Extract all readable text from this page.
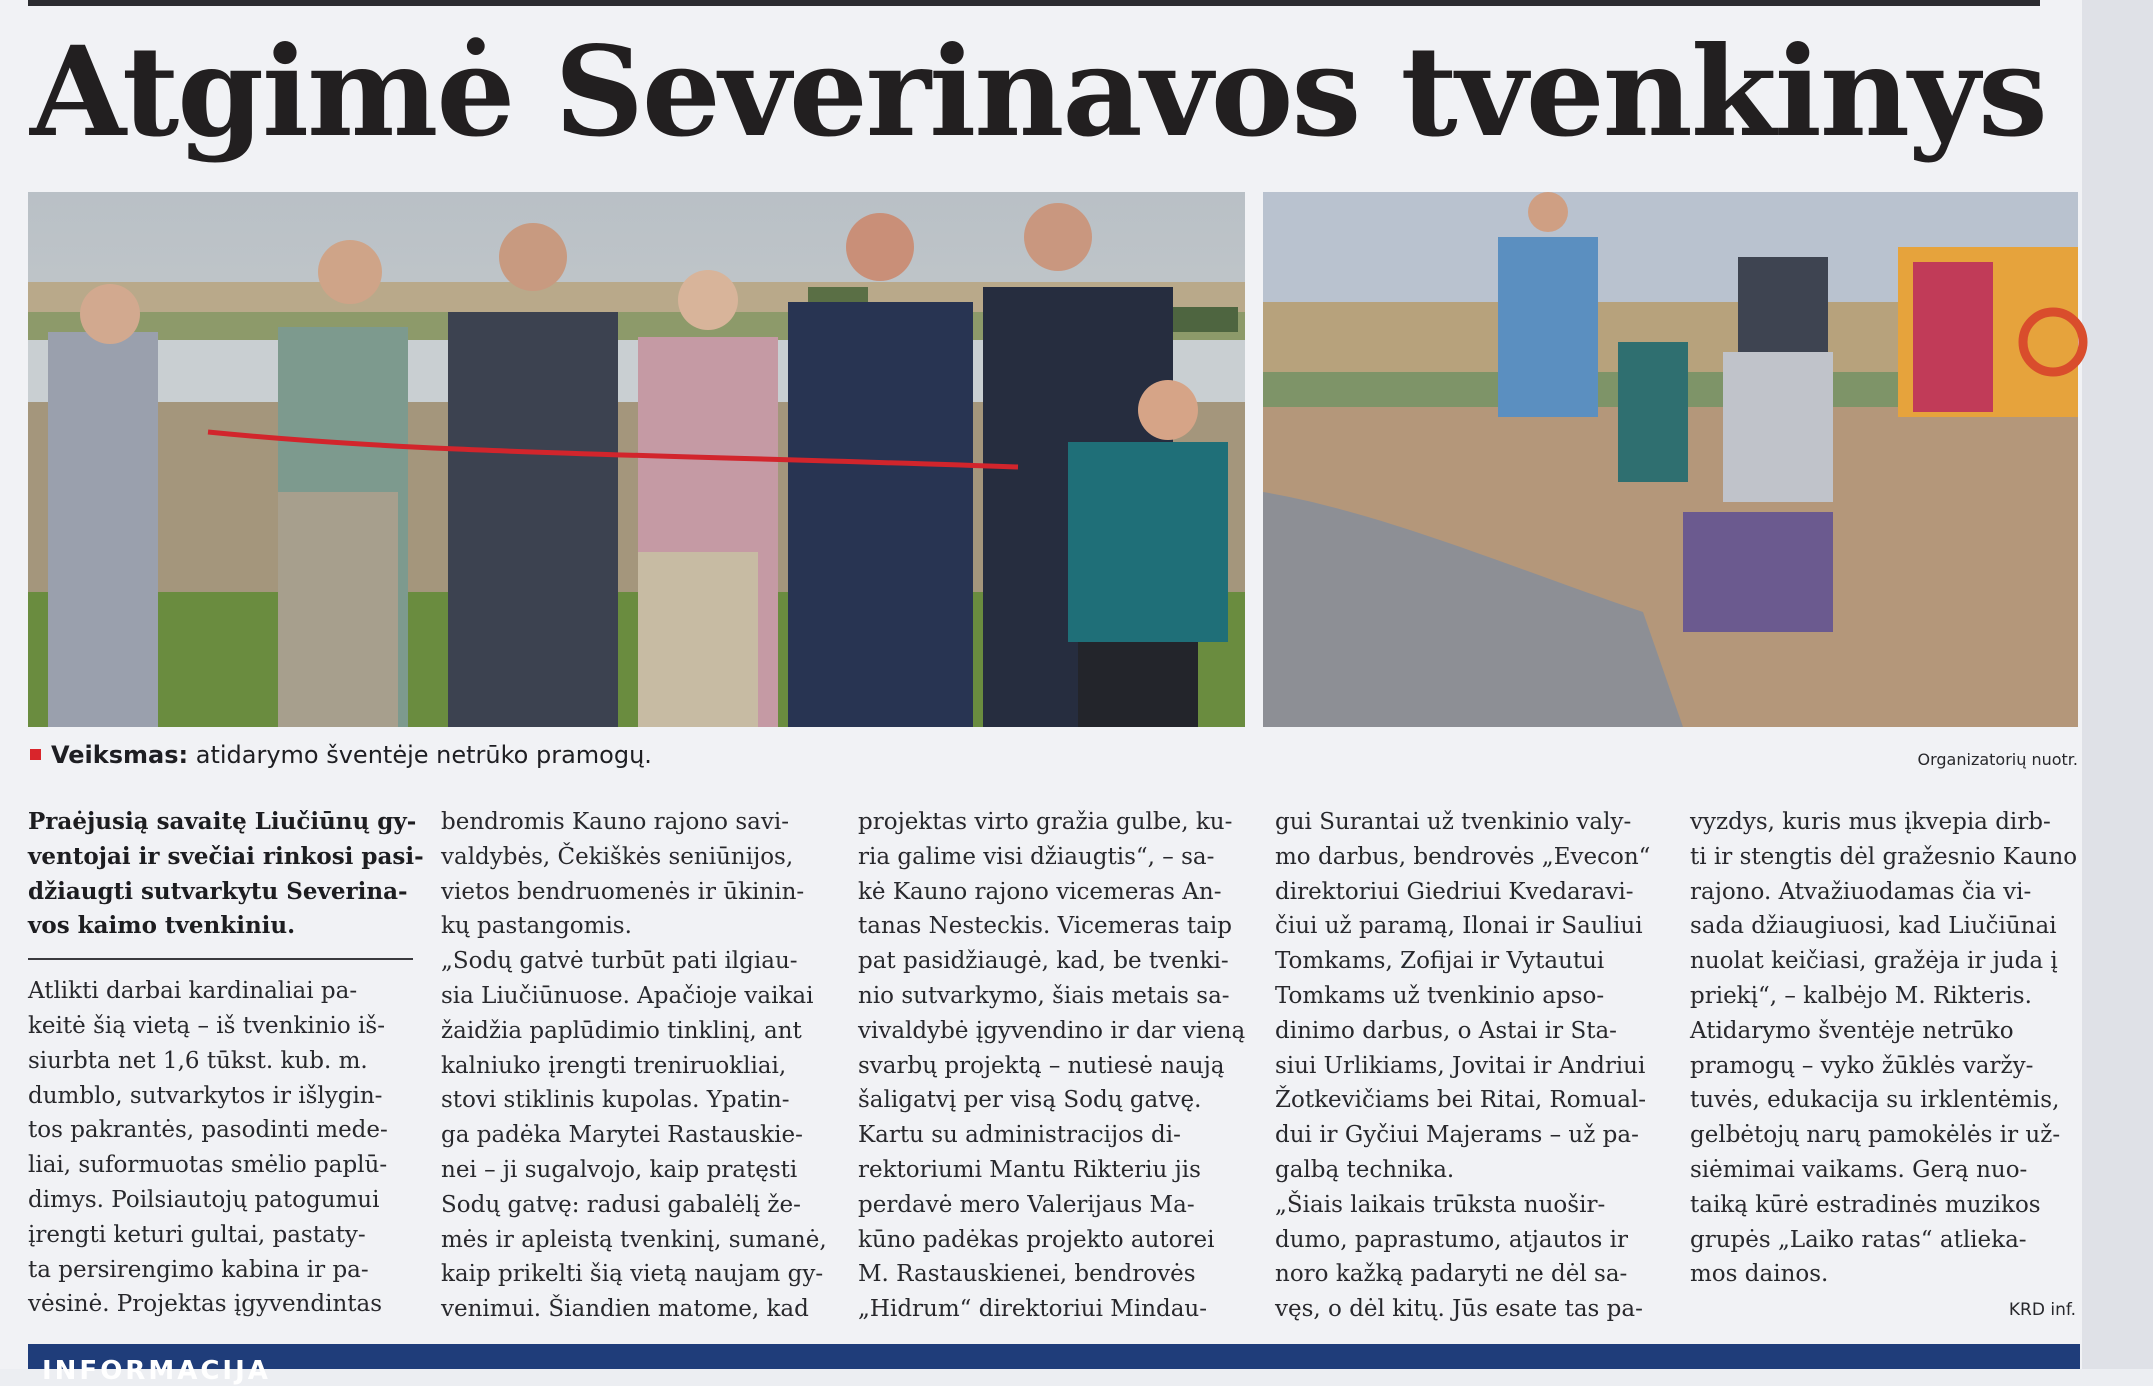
Atgimė Severinavos tvenkinys
Veiksmas: atidarymo šventėje netrūko pramogų.	Organizatorių nuotr.

Praėjusią savaitę Liučiūnų gy-

ventojai ir svečiai rinkosi pasi-

džiaugti sutvarkytu Severina-

vos kaimo tvenkiniu.

Atlikti darbai kardinaliai pa-

keitė šią vietą – iš tvenkinio iš-

siurbta net 1,6 tūkst. kub. m.

dumblo, sutvarkytos ir išlygin-

tos pakrantės, pasodinti mede-

liai, suformuotas smėlio paplū-

dimys. Poilsiautojų patogumui

įrengti keturi gultai, pastaty-

ta persirengimo kabina ir pa-

vėsinė. Projektas įgyvendintas

bendromis Kauno rajono savi-

valdybės, Čekiškės seniūnijos,

vietos bendruomenės ir ūkinin-

kų pastangomis.

„Sodų gatvė turbūt pati ilgiau-

sia Liučiūnuose. Apačioje vaikai

žaidžia paplūdimio tinklinį, ant

kalniuko įrengti treniruokliai,

stovi stiklinis kupolas. Ypatin-

ga padėka Marytei Rastauskie-

nei – ji sugalvojo, kaip pratęsti

Sodų gatvę: radusi gabalėlį že-

mės ir apleistą tvenkinį, sumanė,

kaip prikelti šią vietą naujam gy-

venimui. Šiandien matome, kad

projektas virto gražia gulbe, ku-

ria galime visi džiaugtis“, – sa-

kė Kauno rajono vicemeras An-

tanas Nesteckis. Vicemeras taip

pat pasidžiaugė, kad, be tvenki-

nio sutvarkymo, šiais metais sa-

vivaldybė įgyvendino ir dar vieną

svarbų projektą – nutiesė naują

šaligatvį per visą Sodų gatvę.

Kartu su administracijos di-

rektoriumi Mantu Rikteriu jis

perdavė mero Valerijaus Ma-

kūno padėkas projekto autorei

M. Rastauskienei, bendrovės

„Hidrum“ direktoriui Mindau-

gui Surantai už tvenkinio valy-

mo darbus, bendrovės „Evecon“

direktoriui Giedriui Kvedaravi-

čiui už paramą, Ilonai ir Sauliui

Tomkams, Zofijai ir Vytautui

Tomkams už tvenkinio apso-

dinimo darbus, o Astai ir Sta-

siui Urlikiams, Jovitai ir Andriui

Žotkevičiams bei Ritai, Romual-

dui ir Gyčiui Majerams – už pa-

galbą technika.

„Šiais laikais trūksta nuošir-

dumo, paprastumo, atjautos ir

noro kažką padaryti ne dėl sa-

vęs, o dėl kitų. Jūs esate tas pa-

vyzdys, kuris mus įkvepia dirb-

ti ir stengtis dėl gražesnio Kauno

rajono. Atvažiuodamas čia vi-

sada džiaugiuosi, kad Liučiūnai

nuolat keičiasi, gražėja ir juda į

priekį“, – kalbėjo M. Rikteris.

Atidarymo šventėje netrūko

pramogų – vyko žūklės varžy-

tuvės, edukacija su irklentėmis,

gelbėtojų narų pamokėlės ir už-

siėmimai vaikams. Gerą nuo-

taiką kūrė estradinės muzikos

grupės „Laiko ratas“ atlieka-

mos dainos.

KRD inf.
INFORMACIJA
